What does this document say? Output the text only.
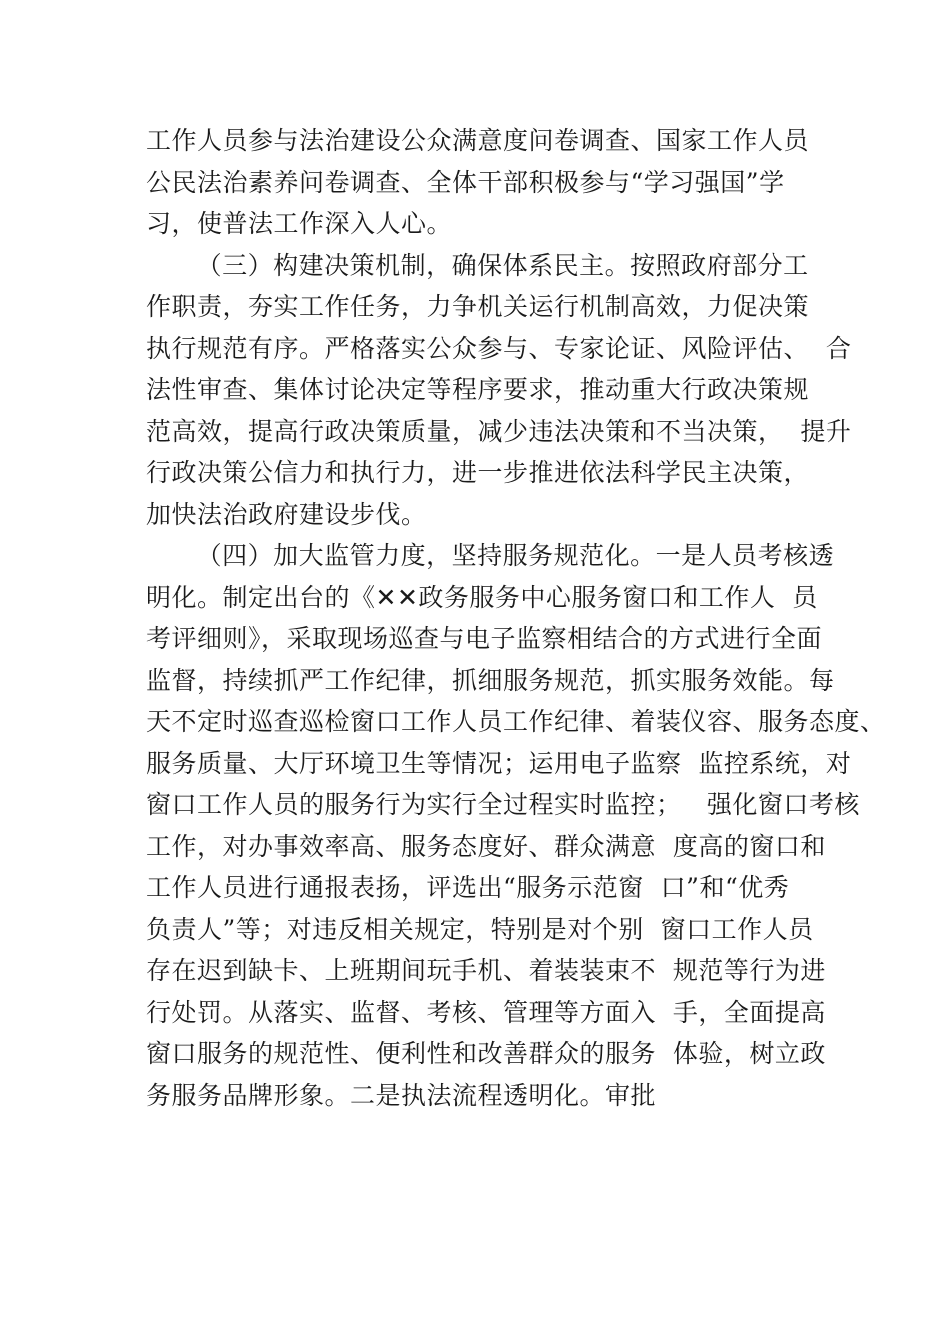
工作人员参与法治建设公众满意度问卷调查、国家工作人员
公民法治素养问卷调查、全体干部积极参与“学习强国”学
习，使普法工作深入人心。
（三）构建决策机制，确保体系民主。按照政府部分工
作职责，夯实工作任务，力争机关运行机制高效，力促决策
执行规范有序。严格落实公众参与、专家论证、风险评估、  合
法性审查、集体讨论决定等程序要求，推动重大行政决策规
范高效，提高行政决策质量，减少违法决策和不当决策，  提升
行政决策公信力和执行力，进一步推进依法科学民主决策，
加快法治政府建设步伐。
（四）加大监管力度，坚持服务规范化。一是人员考核透
明化。制定出台的《✕✕政务服务中心服务窗口和工作人  员
考评细则》，采取现场巡查与电子监察相结合的方式进行全面
监督，持续抓严工作纪律，抓细服务规范，抓实服务效能。每
天不定时巡查巡检窗口工作人员工作纪律、着装仪容、服务态度、
服务质量、大厅环境卫生等情况；运用电子监察  监控系统，对
窗口工作人员的服务行为实行全过程实时监控；   强化窗口考核
工作，对办事效率高、服务态度好、群众满意  度高的窗口和
工作人员进行通报表扬，评选出“服务示范窗  口”和“优秀
负责人”等；对违反相关规定，特别是对个别  窗口工作人员
存在迟到缺卡、上班期间玩手机、着装装束不  规范等行为进
行处罚。从落实、监督、考核、管理等方面入  手，全面提高
窗口服务的规范性、便利性和改善群众的服务  体验，树立政
务服务品牌形象。二是执法流程透明化。审批
